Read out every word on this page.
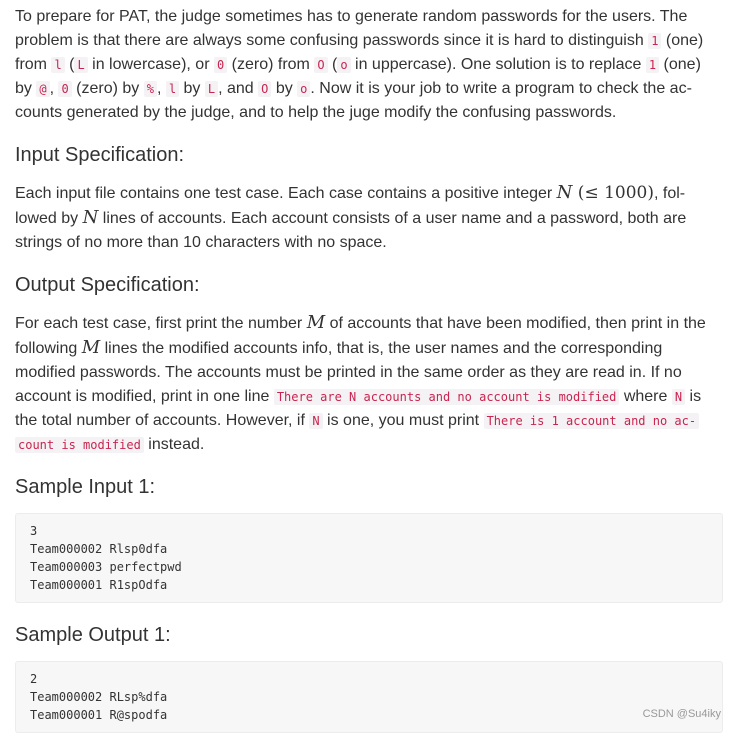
To prepare for PAT, the judge sometimes has to generate random passwords for the users. The problem is that there are always some confusing passwords since it is hard to distinguish 1 (one) from l ( L in lowercase), or 0 (zero) from O ( o in uppercase). One solution is to replace 1 (one) by @ , 0 (zero) by % , l by L , and O by o . Now it is your job to write a program to check the ac- counts generated by the judge, and to help the juge modify the confusing passwords.

Input Specification:

Each input file contains one test case. Each case contains a positive integer N (≤ 1000), fol- lowed by N lines of accounts. Each account consists of a user name and a password, both are strings of no more than 10 characters with no space.

Output Specification:

For each test case, first print the number M of accounts that have been modified, then print in the following M lines the modified accounts info, that is, the user names and the corresponding modified passwords. The accounts must be printed in the same order as they are read in. If no account is modified, print in one line There are N accounts and no account is modified where N is the total number of accounts. However, if N is one, you must print There is 1 account and no ac- count is modified instead.

Sample Input 1:
3
Team000002 Rlsp0dfa
Team000003 perfectpwd
Team000001 R1spOdfa
Sample Output 1:
2
Team000002 RLsp%dfa
Team000001 R@spodfa	CSDN @Su4iky
